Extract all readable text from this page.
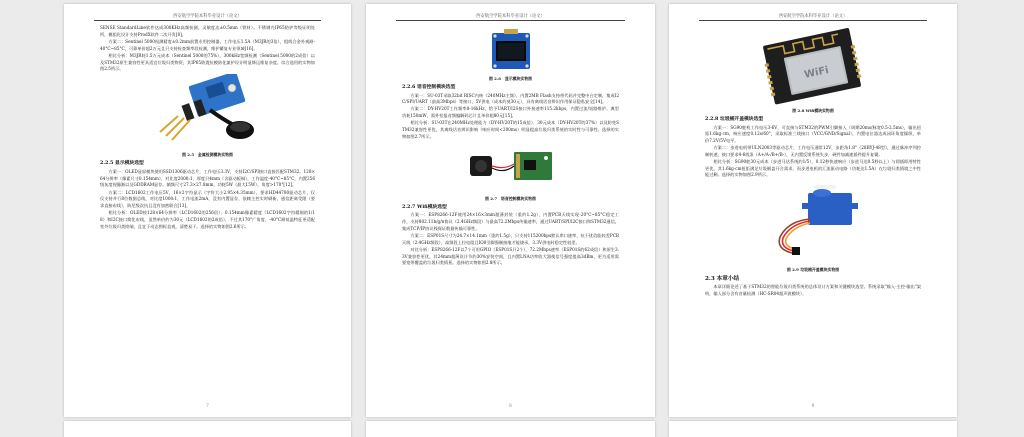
西安航空学院本科毕业设计（论文）

SENSE StandardLine软件达成300KHz高频检测。灵敏度达±0.5mm（铁材）。不锈钢壳IP65防护等级证明处所，模组化设计支持ProdX软件二次开发[8]。

方案二：Sentinel 5000检测精度±0.2mm前置专用控制器，工作电压1.5A（M3JR的3倍），组线合金外观耐-40°C~85°C，可靠单价超2万元且只支持检查频率段检测，维护繁复专业领域[16]。

相比分析：M3JR耗1.5万元成本（Sentinel 5000的75%），300kHz宽频检测（Sentinel 5000的2成倍）以及STM32原生兼容性更具适宜垃圾归类物资，其IP65防震抗模防化兼护设计明显降运维复杂度。综合选用的实物如图2.5所示。

图 2.5　金属检测模块实物图

2.2.5 显示模块选型

方案一：OLED显屏模块使用SSD1306驱动芯片，工作电压3.3V，支持I2C/SPI接口直接匹配STM32。128×64分辨率（像素尺寸0.154mm），对比度2000:1，厚度只4mm（含驱动板铜），工作温度-40°C~85°C，内置256级灰度视像渐以及GDDRAM显存。帧频尺寸27.3×27.8mm，功耗5W（最大15W），角度>170°[12]。

方案二：LCD1602工作电压5V，16×2字符显示（字符大小2.95×4.35mm），要求HD44780驱动芯片，仅仅支持并行8位数据总线，对比度1000:1，工作电流2mA，没有内置显存，依赖主控实时刷新，通信距离受限（要求直接布线），防尼级次抗且没有加密联合[13]。

相比分析：OLED按128×64分辨率（LCD1602的256倍），0.154mm像素精度（LCD1602字符精细的1/18）和I2C接口简化布线，虽然单价约为30元（LCD1602的2成倍），不过其170°广角度、-40°C耐低温特征更适配室外垃圾归类终端，且宜于动态图标直观，清楚易于。选择的实物如图2.6所示。

7
西安航空学院本科毕业设计（论文）

图 2.6　显示模块实物图

2.2.6 语音控制模块选型

方案一：SU-03T采取32bit RISC内核（240MHz主频），内置2MB Flash支持带代码并完整中台定制，集成I2C/SPI/UART（最高3Mbps）等接口，5V供电（成本约莫30元），具有离线话音辨识作用保证隐私安全[14]。

方案二：DY-HV20T工作频率8-16kHz，给予UART/I2S接口外接速率115.2kbps，内置过流/短路维护。典型功耗150mW，需外挂报音频编解码芯片且单价超80元[15]。

相比分析：SU-03T在240MHz处理能力（DY-HV20T的15成倍）、30元成本（DY-HV20T的37%）以及防变STM32兼容性更优，其离线话音辨识影响（响应时间<200ms）明显提高垃圾归类系统的实时性与可靠性。选择的实物如图2.7所示。

图 2.7　语音控制模块实物图

2.2.7 Wifi模块选型

方案一：ESP8266-12F使用24×16×3mm超薄封装（重约1.2g），内置PCB天线实现-20°C~85°C稳定工作，支持802.11b/g/n协议（2.4GHz频段）与最高72.2Mbps传输速率，通过UART/SPI/I2C接口和STM32通信，集成TCP/IP协议栈保证数据传输可靠性。

方案二：ESP01S尺寸为24.7×14.1mm（重约1.5g），只支持115200bps默认串口速率，抗干扰信能较差PCB天线（2.4GHz频段），高频段上拉电阻且IO0引脚强制接地才能烧录，3.3V供电时稳定性较差。

对比分析：ESP8266-12F以7个可用GPIO（ESP01S只2个）、72.2Mbps速率（ESP01S的62成倍）和原生3.3V兼容性更优，其24mm超薄设计节约30%安装空间，且内置LNA功率收大器使信号强度提高3dBm，更为适用需要宽带覆盖的垃圾归类情景。选择的实物如图2.8所示。

8
西安航空学院本科毕业设计（论文）
WiFi

图 2.8 Wifi模块实物图

2.2.8 垃圾桶开盖模块选型

方案一：SG90舵机工作电压3-6V，可直接与STM32的PWM引脚接入（周期20ms/脉宽0.5-2.5ms），输出扭矩1.6kg·cm，响应速度0.12s/60°，采取标准三线接口（VCC/GND/Signal），内置电位器达成闭环角度操纵，单价7.2V/5V电平。

方案二：步进电机带ULN2003等驱动芯片，工作电压通常12V，步距角1.8°（28BYJ-48型），通过脉冲序列控制转速，接口要求4-6线条（A+/A-/B+/B-），无内置反馈系统失步，硬件加减速插件提升复繁。

相比分析：SG90舵30元成本（步进马达系统约1/5）、0.12秒快速响应（步进马达0.5秒以上）与即插即用特性更优，其1.6kg·cm扭矩满足垃圾桶盖开合需求，而步进电机的汇流驱动电路（功耗达1.5A）在垃圾归类情境之中性能过剩。选择的实物如图2.9所示。

图 2.9 垃圾桶开盖模块实物图

2.3 本章小结

本章详细论述了基于STM32的智能垃圾归类系统的总体设计方案和关键模块选型。系统采取"输入-主控-输出"架构，输入部分含有音量检测（HC-SR04超声波模块）、

9
